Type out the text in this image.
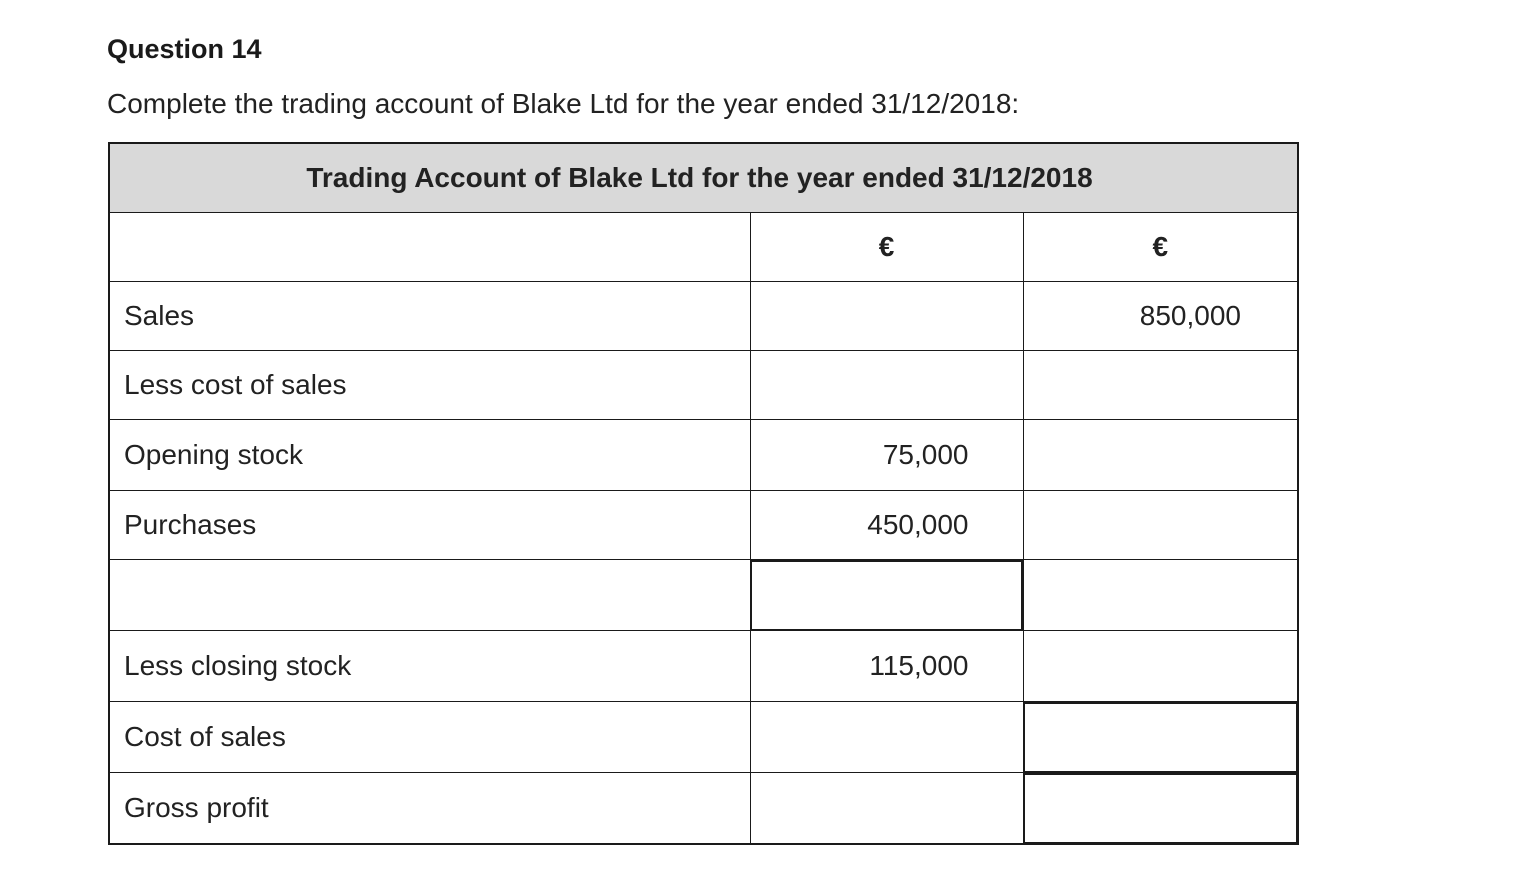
Question 14
Complete the trading account of Blake Ltd for the year ended 31/12/2018:
Trading Account of Blake Ltd for the year ended 31/12/2018		
	€	€
Sales		850,000
Less cost of sales		
Opening stock	75,000	
Purchases	450,000	

Less closing stock	115,000	
Cost of sales		
Gross profit		
